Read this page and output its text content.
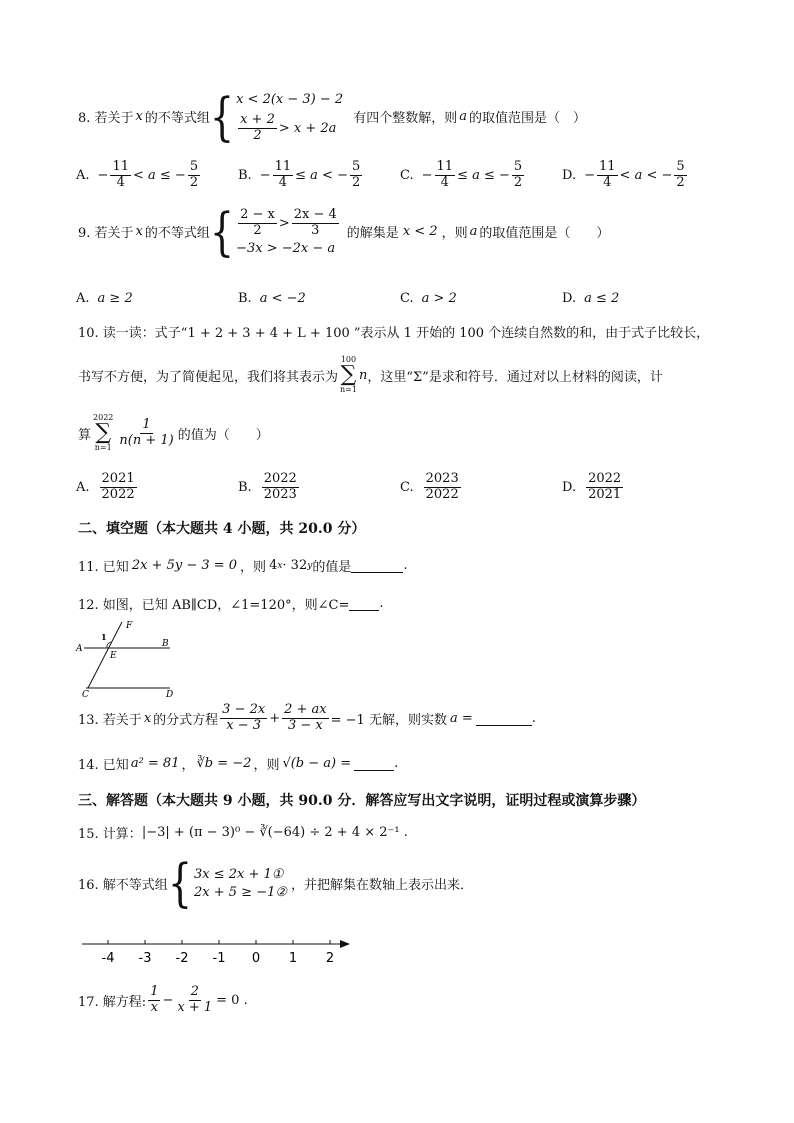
8. 若关于 x 的不等式组 { x < 2(x − 3) − 2
$\frac{x + 2}{2} > x + 2a$
有四个整数解，则 a 的取值范围是（　）
A. − $\frac{11}{4} < a$ ≤ − $\frac{5}{2}$	B. − $\frac{11}{4} \le a$ < − $\frac{5}{2}$	C. − $\frac{11}{4} \le a$ ≤ − $\frac{5}{2}$	D. − $\frac{11}{4} < a$ < − $\frac{5}{2}$
9. 若关于 x 的不等式组 { $\frac{2 - x}{2} > \frac{2x - 4}{3}$
−3x > −2x − a
的解集是 x < 2 ，则 a 的取值范围是（　　）
A. a ≥ 2	B. a < −2	C. a > 2	D. a ≤ 2
10. 读一读：式子“1 + 2 + 3 + 4 + L + 100 ”表示从 1 开始的 100 个连续自然数的和，由于式子比较长，
书写不方便，为了简便起见，我们将其表示为
100
∑
n=1
n ，这里“Σ”是求和符号．通过对以上材料的阅读，计
算
2022
∑
$n=1 \frac{1}{n(n + 1)}$ 的值为（　　）
A. $\frac{2021}{2022}$	B. $\frac{2022}{2023}$	C. $\frac{2023}{2022}$	D. $\frac{2022}{2021}$
二、填空题（本大题共 4 小题，共 20.0 分）
11. 已知 2x + 5y − 3 = 0 ，则 4 x · 32 y 的值是	.
12. 如图，已知 AB∥CD，∠1=120°，则∠C= .
A	B
C	D
E
F
1
13. 若关于 x 的分式方程 $\frac{3 - 2x}{x - 3} + \frac{2 + ax}{3 - x} = -1$ 无解，则实数 a =	.
14. 已知 a² = 81 ， ∛b = −2 ，则 √(b − a) =	.
三、解答题（本大题共 9 小题，共 90.0 分．解答应写出文字说明，证明过程或演算步骤）
15. 计算： |−3| + (π − 3)⁰ − ∛(−64) ÷ 2 + 4 × 2⁻¹ .
16. 解不等式组 { 3x ≤ 2x + 1①
2x + 5 ≥ −1② ，并把解集在数轴上表示出来．
-4 -3 -2 -1 0 1 2
17. 解方程: $\frac{1}{x} - \frac{2}{x + 1} = 0$ .
